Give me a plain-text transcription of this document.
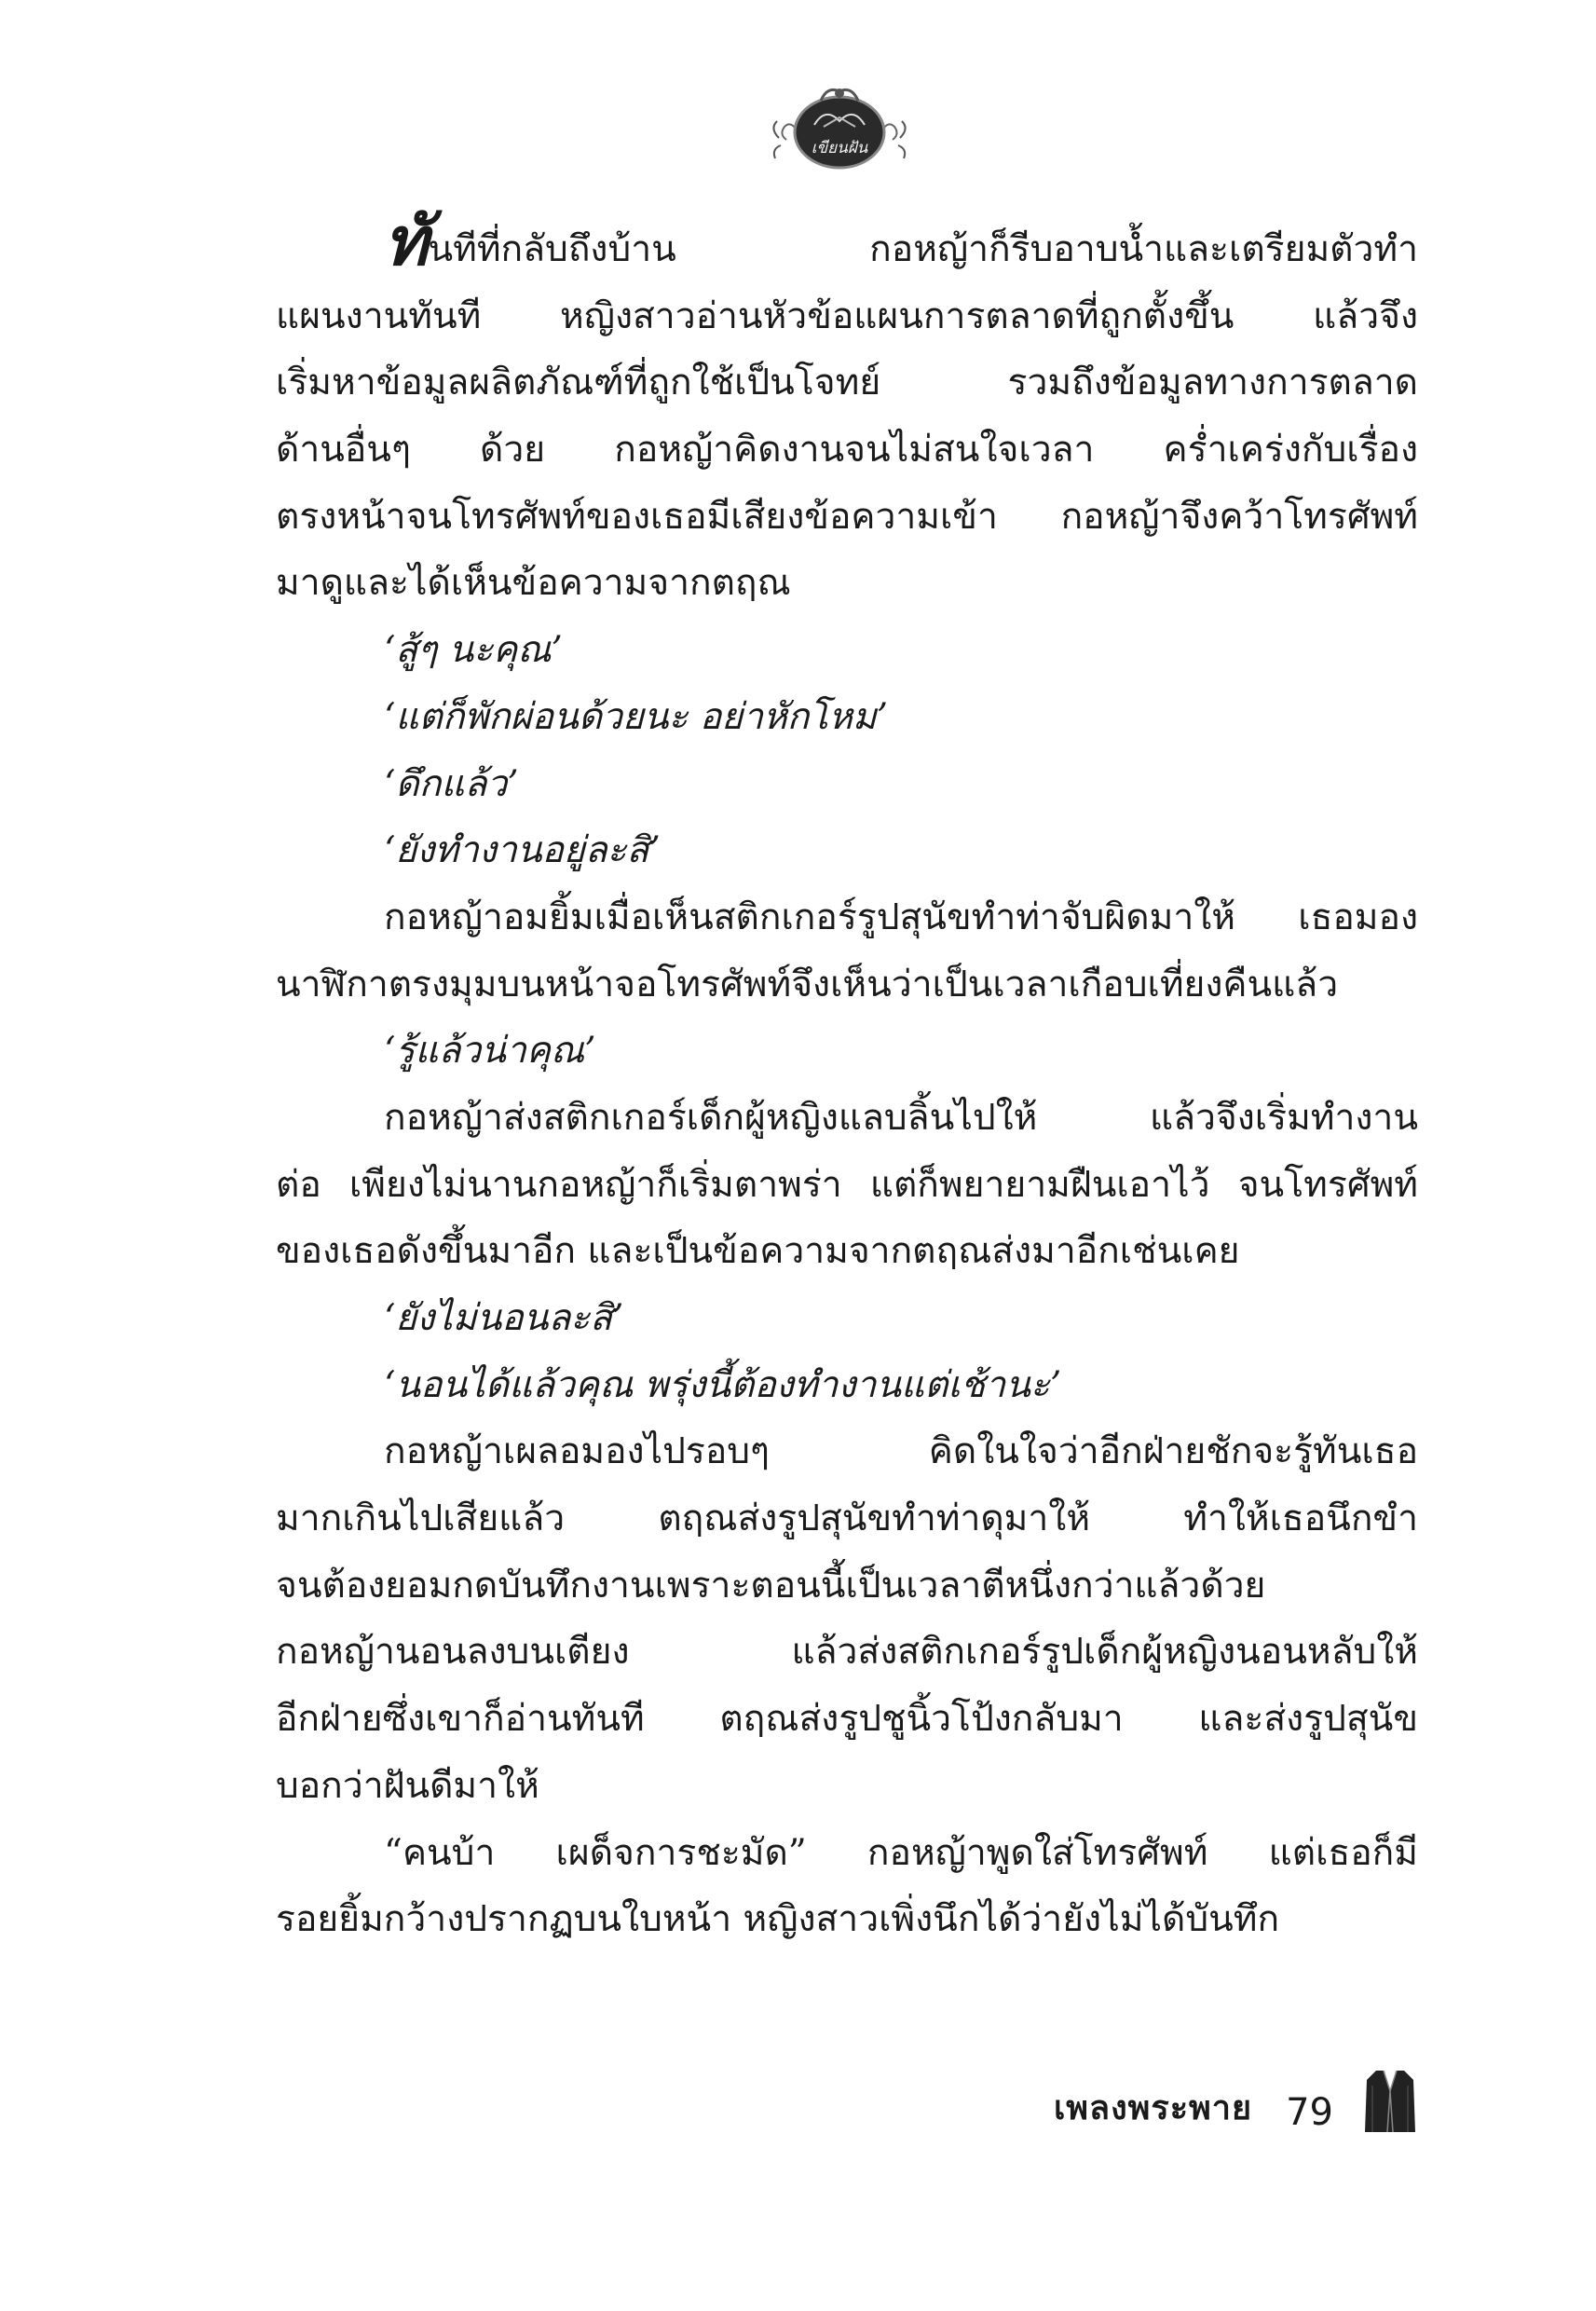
เขียนฝัน
ทันทีที่กลับถึงบ้าน กอหญ้าก็รีบอาบน้ำและเตรียมตัวทำ
แผนงานทันที หญิงสาวอ่านหัวข้อแผนการตลาดที่ถูกตั้งขึ้น แล้วจึง
เริ่มหาข้อมูลผลิตภัณฑ์ที่ถูกใช้เป็นโจทย์ รวมถึงข้อมูลทางการตลาด
ด้านอื่นๆ ด้วย กอหญ้าคิดงานจนไม่สนใจเวลา คร่ำเคร่งกับเรื่อง
ตรงหน้าจนโทรศัพท์ของเธอมีเสียงข้อความเข้า กอหญ้าจึงคว้าโทรศัพท์
มาดูและได้เห็นข้อความจากตฤณ
‘สู้ๆ นะคุณ’
‘แต่ก็พักผ่อนด้วยนะ อย่าหักโหม’
‘ดึกแล้ว’
‘ยังทำงานอยู่ละสิ’
กอหญ้าอมยิ้มเมื่อเห็นสติกเกอร์รูปสุนัขทำท่าจับผิดมาให้ เธอมอง
นาฬิกาตรงมุมบนหน้าจอโทรศัพท์จึงเห็นว่าเป็นเวลาเกือบเที่ยงคืนแล้ว
‘รู้แล้วน่าคุณ’
กอหญ้าส่งสติกเกอร์เด็กผู้หญิงแลบลิ้นไปให้ แล้วจึงเริ่มทำงาน
ต่อ เพียงไม่นานกอหญ้าก็เริ่มตาพร่า แต่ก็พยายามฝืนเอาไว้ จนโทรศัพท์
ของเธอดังขึ้นมาอีก และเป็นข้อความจากตฤณส่งมาอีกเช่นเคย
‘ยังไม่นอนละสิ’
‘นอนได้แล้วคุณ พรุ่งนี้ต้องทำงานแต่เช้านะ’
กอหญ้าเผลอมองไปรอบๆ คิดในใจว่าอีกฝ่ายชักจะรู้ทันเธอ
มากเกินไปเสียแล้ว ตฤณส่งรูปสุนัขทำท่าดุมาให้ ทำให้เธอนึกขำ
จนต้องยอมกดบันทึกงานเพราะตอนนี้เป็นเวลาตีหนึ่งกว่าแล้วด้วย
กอหญ้านอนลงบนเตียง แล้วส่งสติกเกอร์รูปเด็กผู้หญิงนอนหลับให้
อีกฝ่ายซึ่งเขาก็อ่านทันที ตฤณส่งรูปชูนิ้วโป้งกลับมา และส่งรูปสุนัข
บอกว่าฝันดีมาให้
“คนบ้า เผด็จการชะมัด” กอหญ้าพูดใส่โทรศัพท์ แต่เธอก็มี
รอยยิ้มกว้างปรากฏบนใบหน้า หญิงสาวเพิ่งนึกได้ว่ายังไม่ได้บันทึก
เพลงพระพาย 79
